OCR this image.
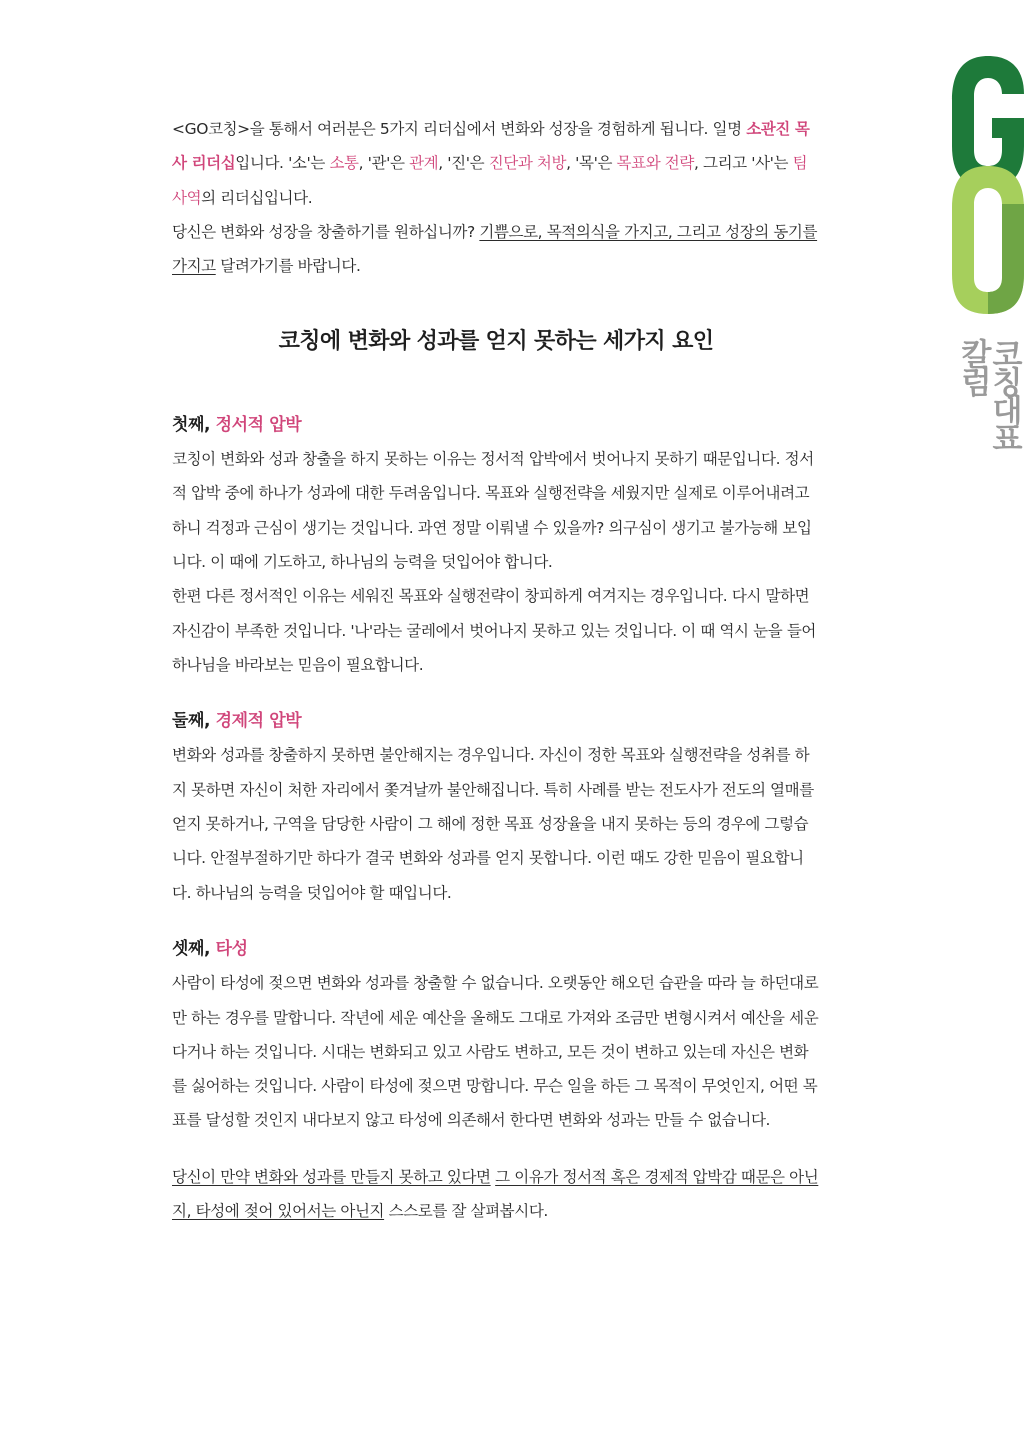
코칭대표 칼럼

<GO코칭>을 통해서 여러분은 5가지 리더십에서 변화와 성장을 경험하게 됩니다. 일명 소관진 목사 리더십입니다. '소'는 소통, '관'은 관계, '진'은 진단과 처방, '목'은 목표와 전략, 그리고 '사'는 팀 사역의 리더십입니다.

당신은 변화와 성장을 창출하기를 원하십니까? 기쁨으로, 목적의식을 가지고, 그리고 성장의 동기를 가지고 달려가기를 바랍니다.

코칭에 변화와 성과를 얻지 못하는 세가지 요인

첫째, 정서적 압박

코칭이 변화와 성과 창출을 하지 못하는 이유는 정서적 압박에서 벗어나지 못하기 때문입니다. 정서적 압박 중에 하나가 성과에 대한 두려움입니다. 목표와 실행전략을 세웠지만 실제로 이루어내려고 하니 걱정과 근심이 생기는 것입니다. 과연 정말 이뤄낼 수 있을까? 의구심이 생기고 불가능해 보입니다. 이 때에 기도하고, 하나님의 능력을 덧입어야 합니다.

한편 다른 정서적인 이유는 세워진 목표와 실행전략이 창피하게 여겨지는 경우입니다. 다시 말하면 자신감이 부족한 것입니다. '나'라는 굴레에서 벗어나지 못하고 있는 것입니다. 이 때 역시 눈을 들어 하나님을 바라보는 믿음이 필요합니다.

둘째, 경제적 압박

변화와 성과를 창출하지 못하면 불안해지는 경우입니다. 자신이 정한 목표와 실행전략을 성취를 하지 못하면 자신이 처한 자리에서 쫓겨날까 불안해집니다. 특히 사례를 받는 전도사가 전도의 열매를 얻지 못하거나, 구역을 담당한 사람이 그 해에 정한 목표 성장율을 내지 못하는 등의 경우에 그렇습니다. 안절부절하기만 하다가 결국 변화와 성과를 얻지 못합니다. 이런 때도 강한 믿음이 필요합니다. 하나님의 능력을 덧입어야 할 때입니다.

셋째, 타성

사람이 타성에 젖으면 변화와 성과를 창출할 수 없습니다. 오랫동안 해오던 습관을 따라 늘 하던대로만 하는 경우를 말합니다. 작년에 세운 예산을 올해도 그대로 가져와 조금만 변형시켜서 예산을 세운다거나 하는 것입니다. 시대는 변화되고 있고 사람도 변하고, 모든 것이 변하고 있는데 자신은 변화를 싫어하는 것입니다. 사람이 타성에 젖으면 망합니다. 무슨 일을 하든 그 목적이 무엇인지, 어떤 목표를 달성할 것인지 내다보지 않고 타성에 의존해서 한다면 변화와 성과는 만들 수 없습니다.

당신이 만약 변화와 성과를 만들지 못하고 있다면 그 이유가 정서적 혹은 경제적 압박감 때문은 아닌지, 타성에 젖어 있어서는 아닌지 스스로를 잘 살펴봅시다.
